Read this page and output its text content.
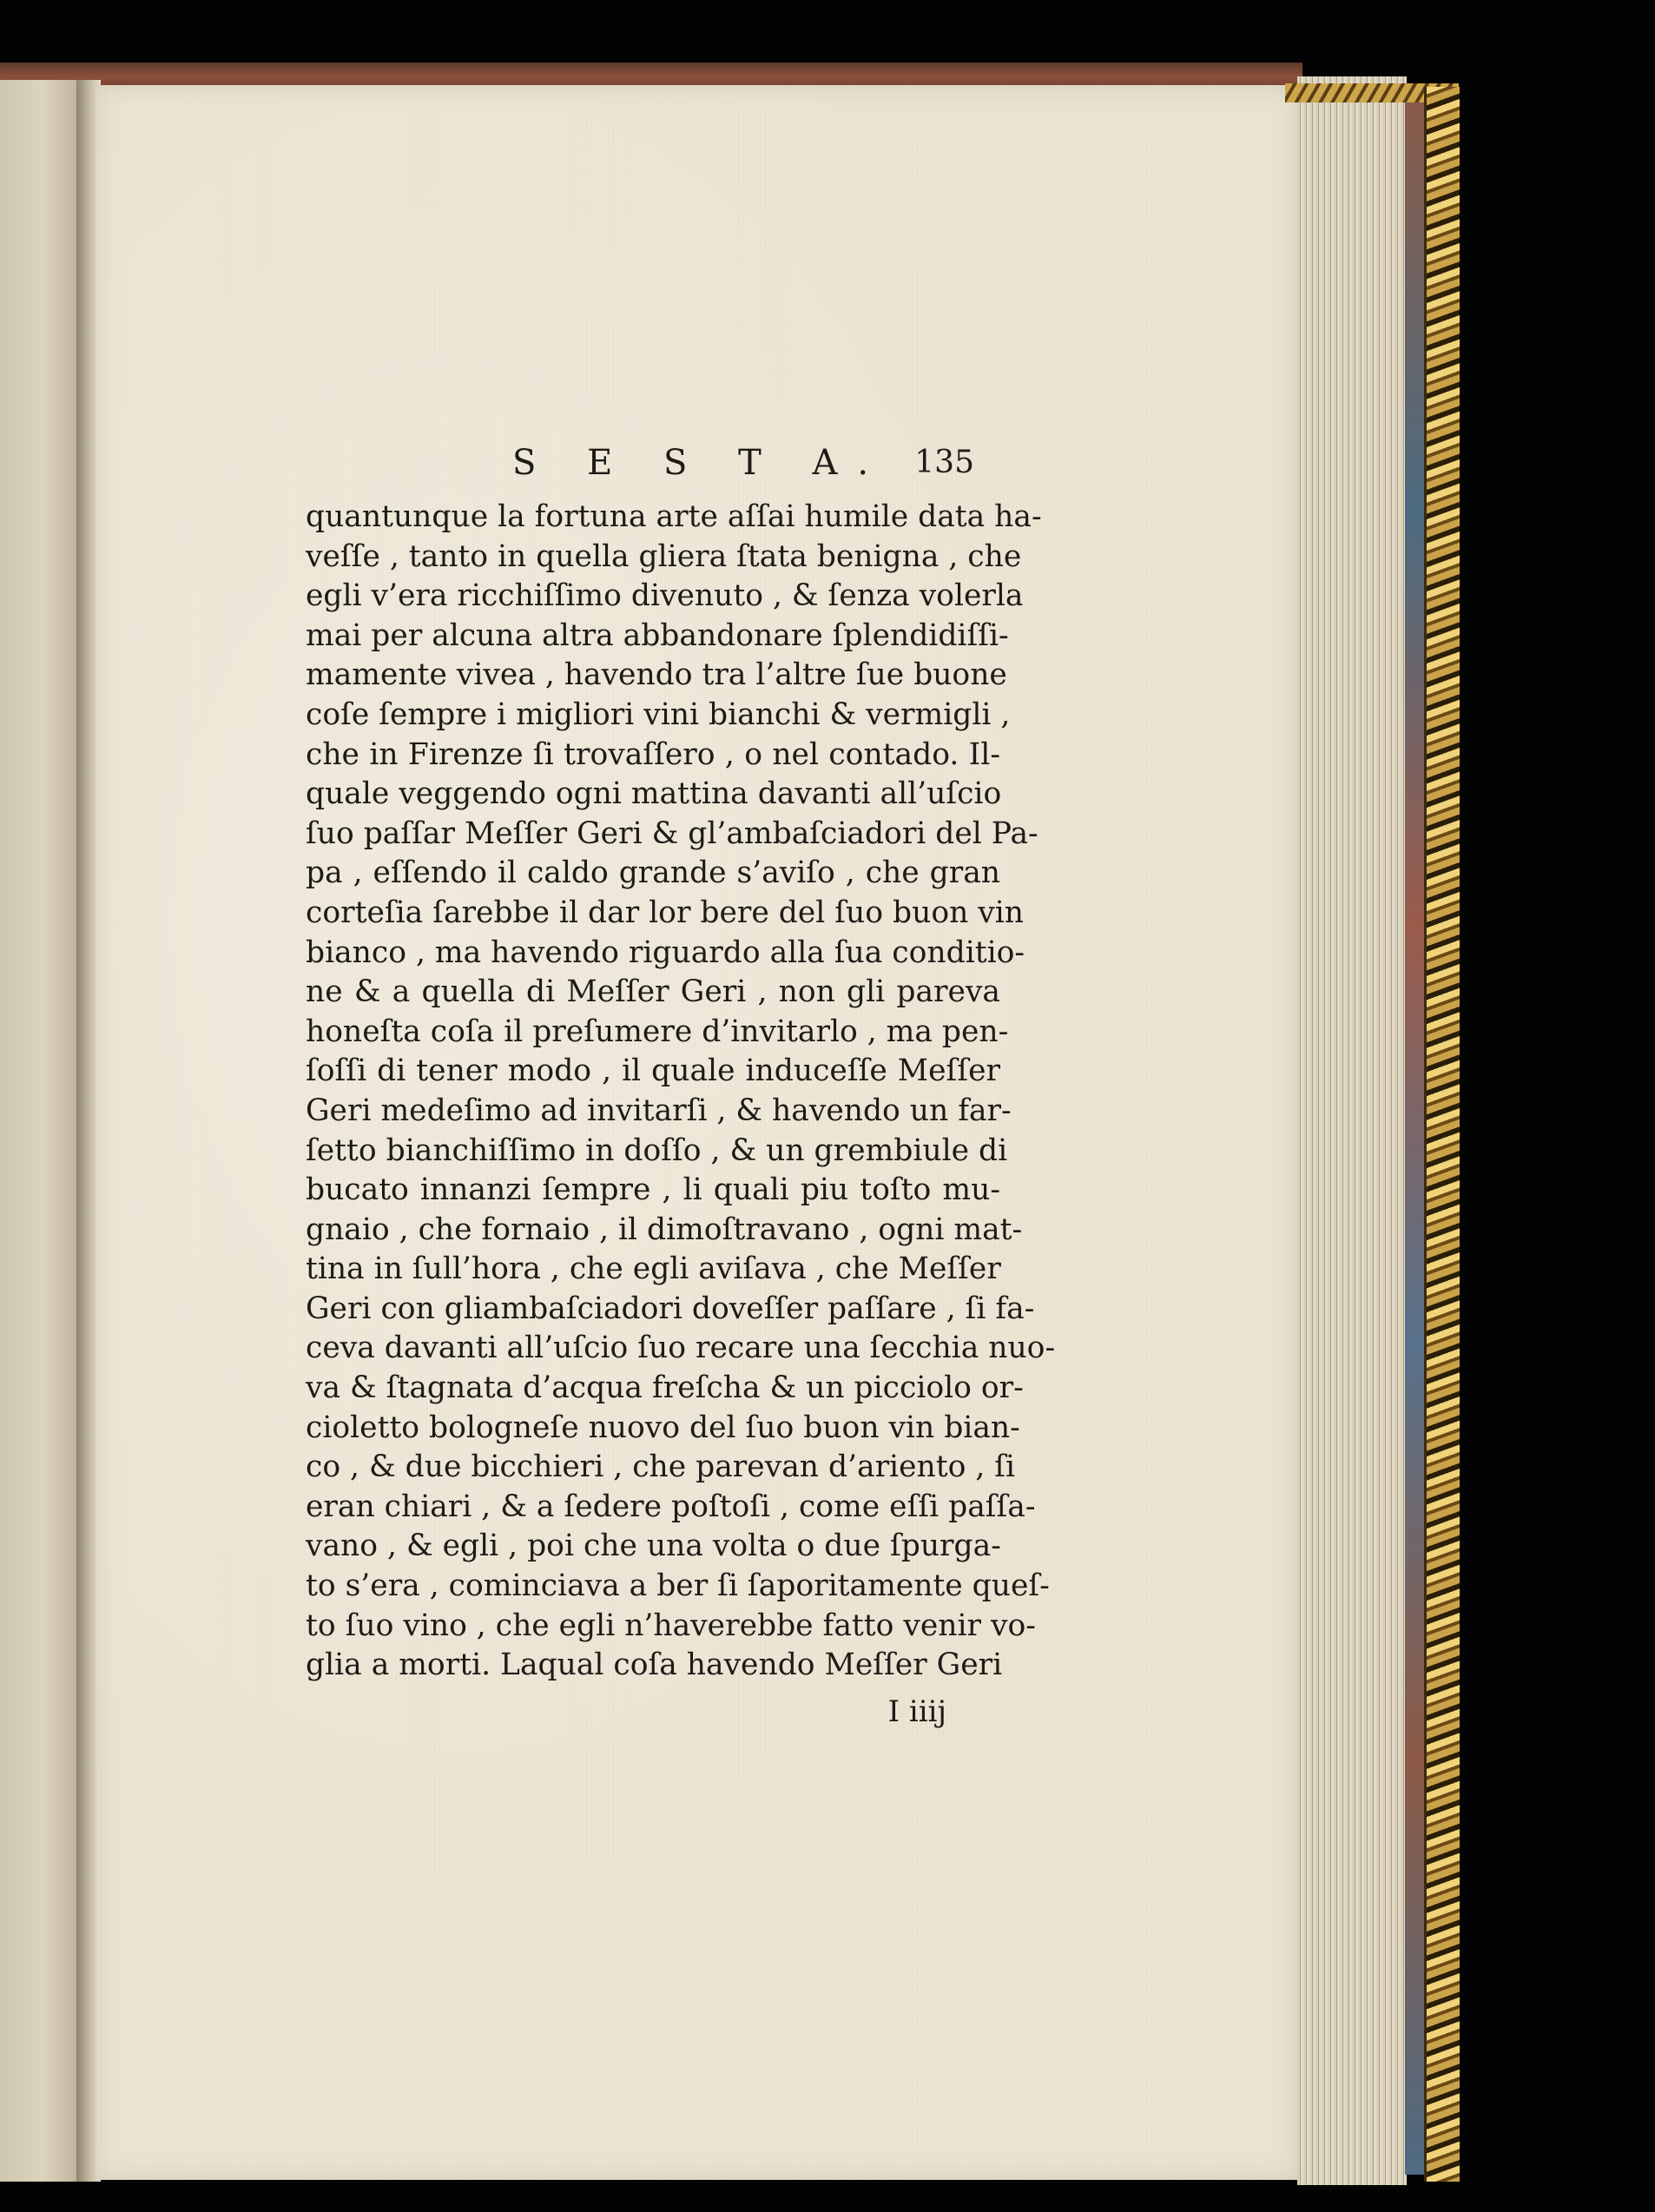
S E S T A. 135
quantunque la fortuna arte aſſai humile data ha-
veſſe , tanto in quella gliera ſtata benigna , che
egli v’era ricchiſſimo divenuto , & ſenza volerla
mai per alcuna altra abbandonare ſplendidiſſi-
mamente vivea , havendo tra l’altre ſue buone
coſe ſempre i migliori vini bianchi & vermigli ,
che in Firenze ſi trovaſſero , o nel contado. Il-
quale veggendo ogni mattina davanti all’uſcio
ſuo paſſar Meſſer Geri & gl’ambaſciadori del Pa-
pa , eſſendo il caldo grande s’aviſo , che gran
corteſia ſarebbe il dar lor bere del ſuo buon vin
bianco , ma havendo riguardo alla ſua conditio-
ne & a quella di Meſſer Geri , non gli pareva
honeſta coſa il preſumere d’invitarlo , ma pen-
ſoſſi di tener modo , il quale induceſſe Meſſer
Geri medeſimo ad invitarſi , & havendo un far-
ſetto bianchiſſimo in doſſo , & un grembiule di
bucato innanzi ſempre , li quali piu toſto mu-
gnaio , che fornaio , il dimoſtravano , ogni mat-
tina in ſull’hora , che egli aviſava , che Meſſer
Geri con gliambaſciadori doveſſer paſſare , ſi fa-
ceva davanti all’uſcio ſuo recare una ſecchia nuo-
va & ſtagnata d’acqua freſcha & un picciolo or-
cioletto bologneſe nuovo del ſuo buon vin bian-
co , & due bicchieri , che parevan d’ariento , ſi
eran chiari , & a ſedere poſtoſi , come eſſi paſſa-
vano , & egli , poi che una volta o due ſpurga-
to s’era , cominciava a ber ſi ſaporitamente queſ-
to ſuo vino , che egli n’haverebbe fatto venir vo-
glia a morti. Laqual coſa havendo Meſſer Geri
I iiij
